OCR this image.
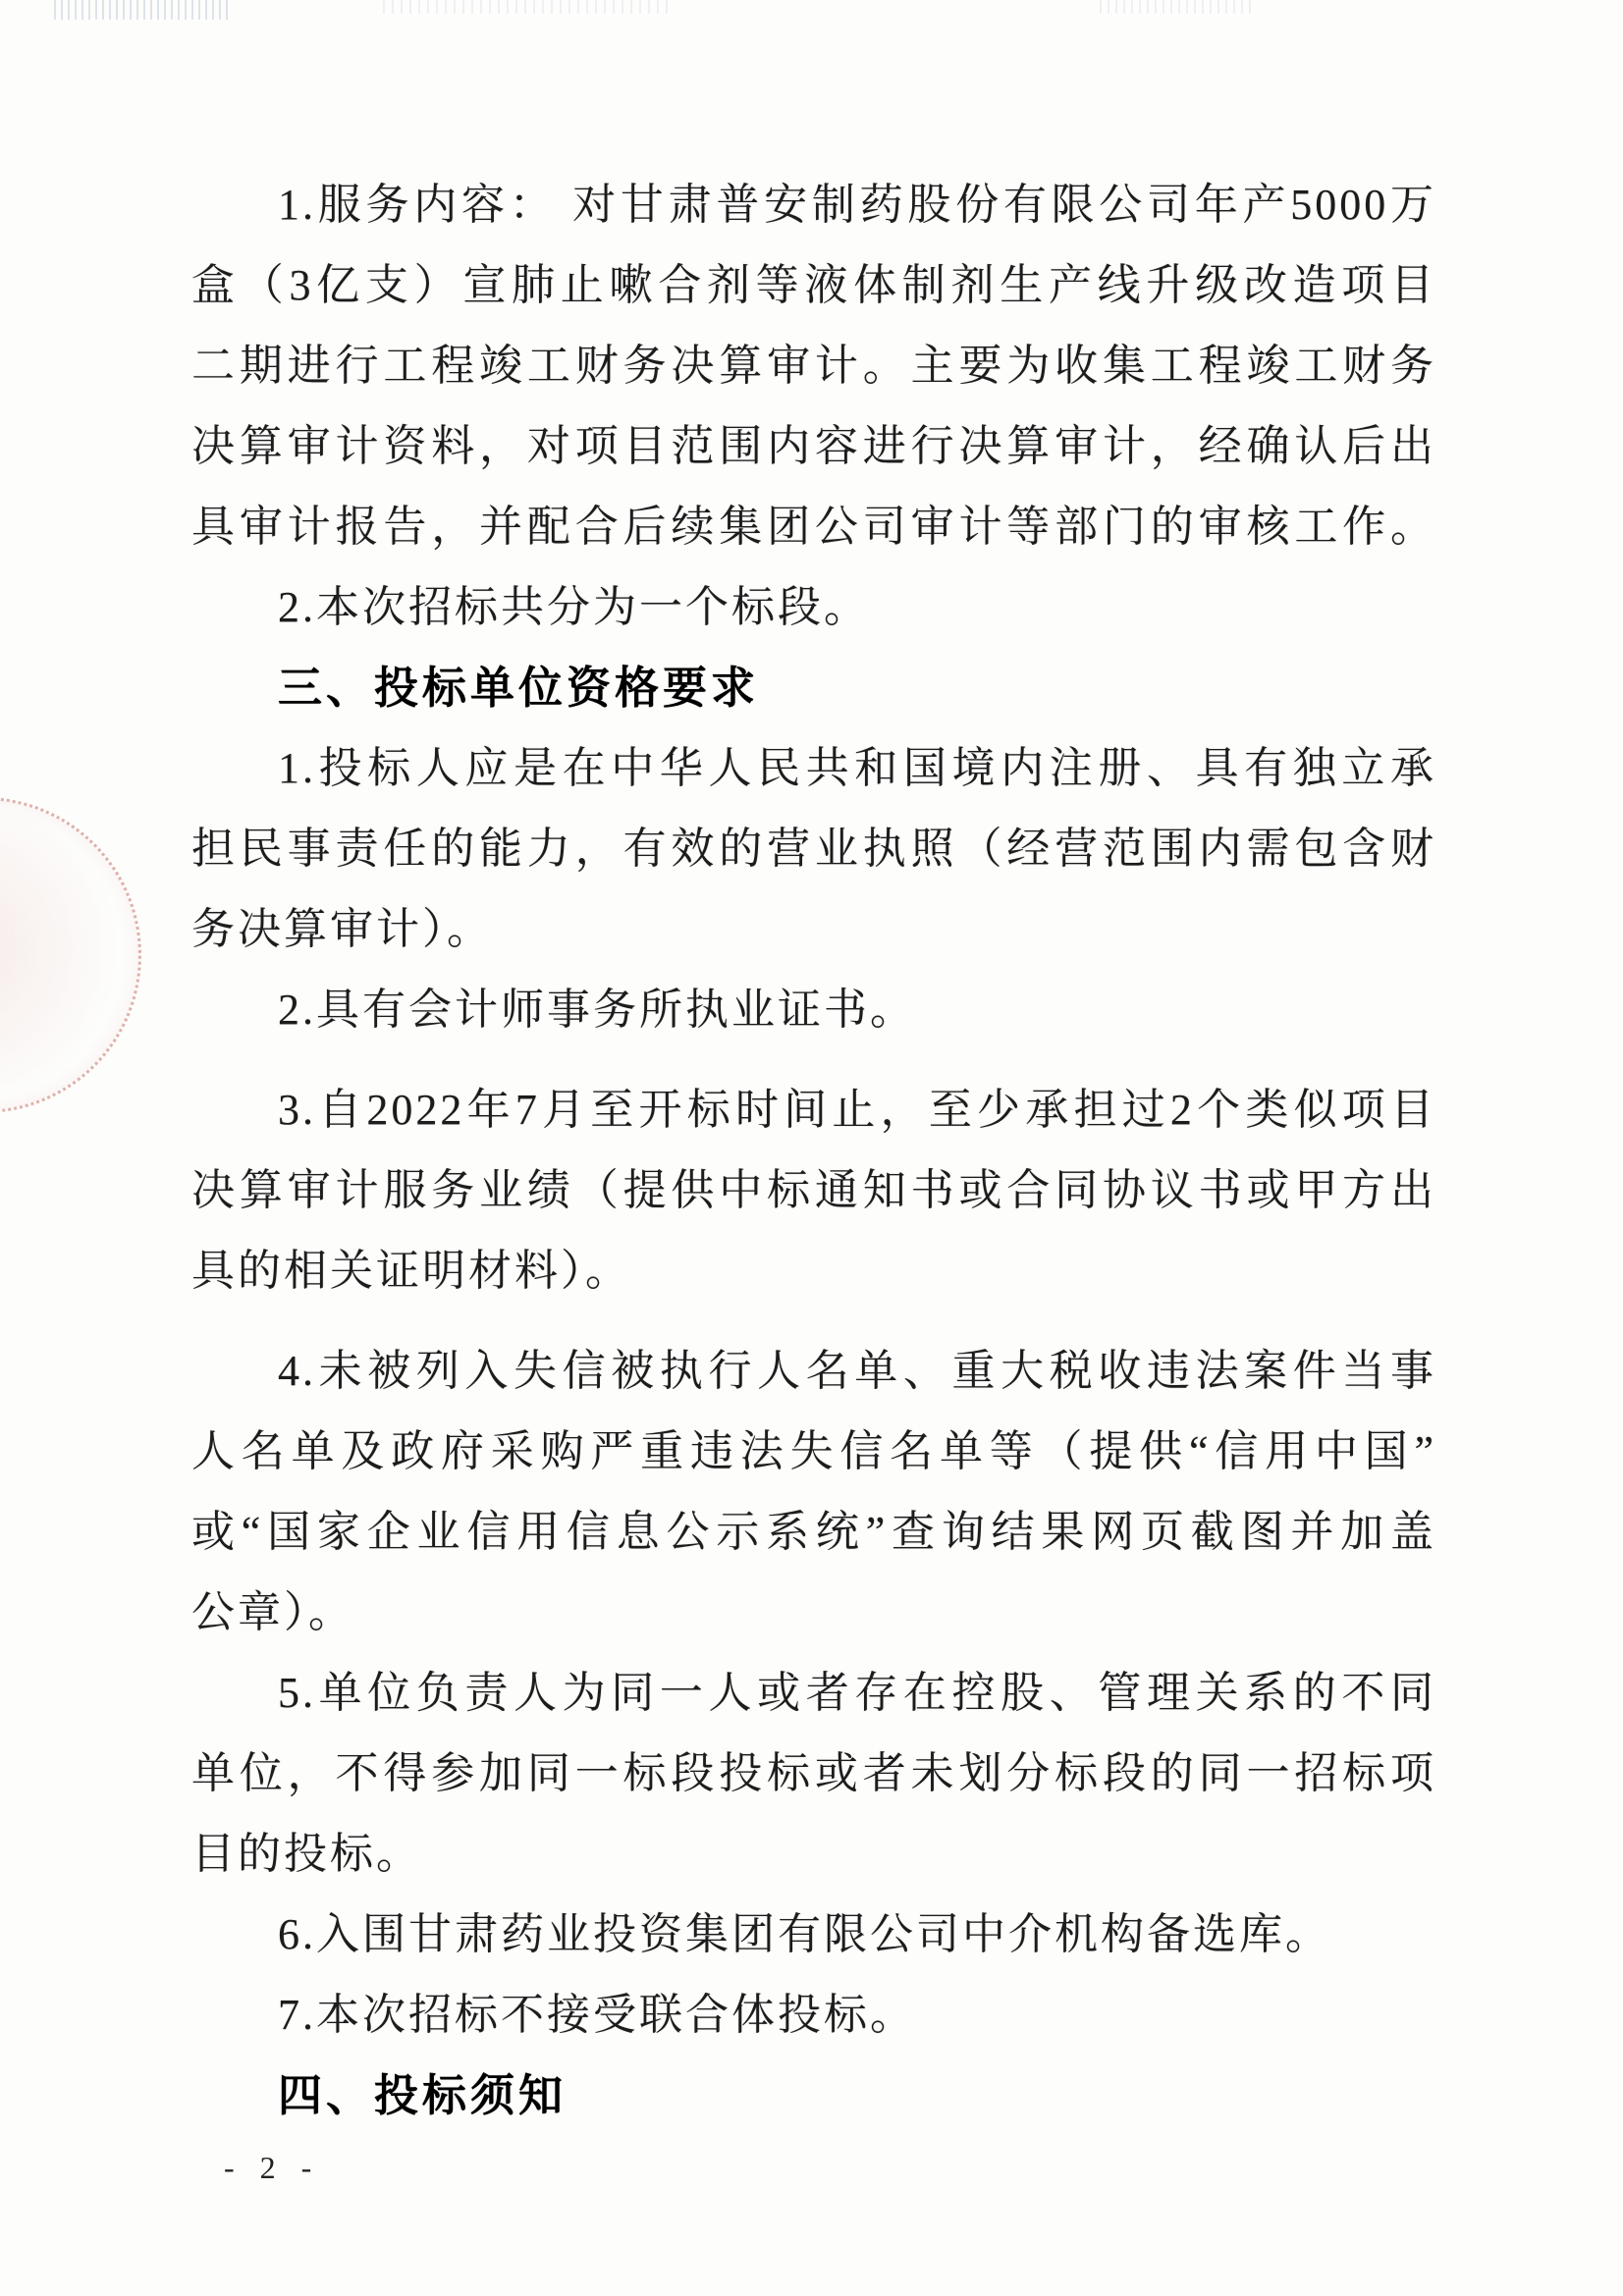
1.服务内容： 对甘肃普安制药股份有限公司年产5000万
盒（3亿支）宣肺止嗽合剂等液体制剂生产线升级改造项目
二期进行工程竣工财务决算审计。主要为收集工程竣工财务
决算审计资料，对项目范围内容进行决算审计，经确认后出
具审计报告，并配合后续集团公司审计等部门的审核工作。
2.本次招标共分为一个标段。
三、投标单位资格要求
1.投标人应是在中华人民共和国境内注册、具有独立承
担民事责任的能力，有效的营业执照（经营范围内需包含财
务决算审计）。
2.具有会计师事务所执业证书。
3.自2022年7月至开标时间止，至少承担过2个类似项目
决算审计服务业绩（提供中标通知书或合同协议书或甲方出
具的相关证明材料）。
4.未被列入失信被执行人名单、重大税收违法案件当事
人名单及政府采购严重违法失信名单等（提供“信用中国”
或“国家企业信用信息公示系统”查询结果网页截图并加盖
公章）。
5.单位负责人为同一人或者存在控股、管理关系的不同
单位，不得参加同一标段投标或者未划分标段的同一招标项
目的投标。
6.入围甘肃药业投资集团有限公司中介机构备选库。
7.本次招标不接受联合体投标。
四、投标须知
- 2 -
